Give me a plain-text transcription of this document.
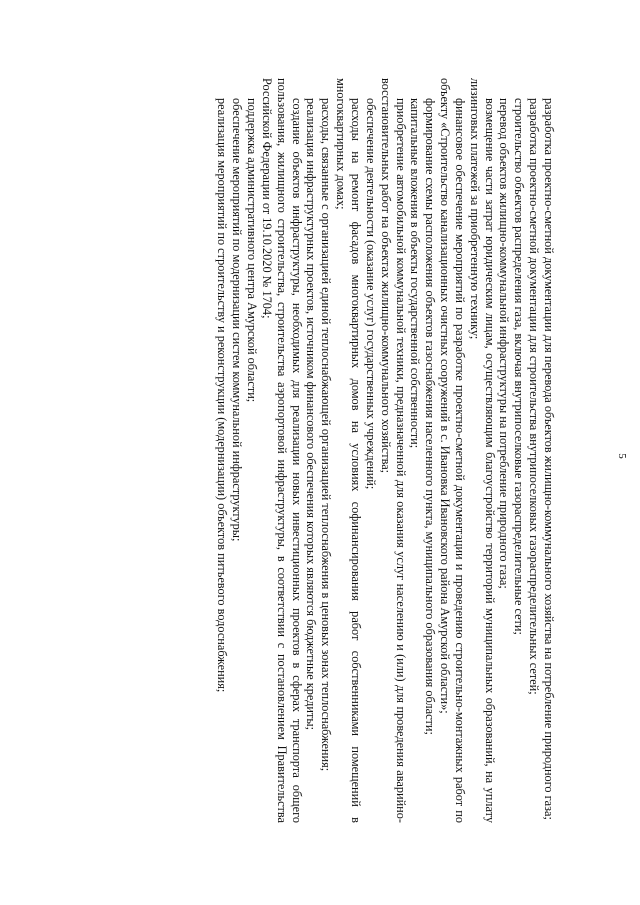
5

разработка проектно-сметной документации для перевода объектов жилищно-коммунального хозяйства на потребление природного газа;

разработка проектно-сметной документации для строительства внутрипоселковых газораспределительных сетей;

строительство объектов распределения газа, включая внутрипоселковые газораспределительные сети;

перевод объектов жилищно-коммунальной инфраструктуры на потребление природного газа;

возмещение части затрат юридическим лицам, осуществляющим благоустройство территорий муниципальных образований, на уплату лизинговых платежей за приобретенную технику;

финансовое обеспечение мероприятий по разработке проектно-сметной документации и проведению строительно-монтажных работ по объекту «Строительство канализационных очистных сооружений в с. Ивановка Ивановского района Амурской области»;

формирование схемы расположения объектов газоснабжения населенного пункта, муниципального образования области;

капитальные вложения в объекты государственной собственности;

приобретение автомобильной коммунальной техники, предназначенной для оказания услуг населению и (или) для проведения аварийно-восстановительных работ на объектах жилищно-коммунального хозяйства;

обеспечение деятельности (оказание услуг) государственных учреждений;

расходы на ремонт фасадов многоквартирных домов на условиях софинансирования работ собственниками помещений в многоквартирных домах;

расходы, связанные с организацией единой теплоснабжающей организацией теплоснабжения в ценовых зонах теплоснабжения;

реализация инфраструктурных проектов, источником финансового обеспечения которых являются бюджетные кредиты;

создание объектов инфраструктуры, необходимых для реализации новых инвестиционных проектов в сферах транспорта общего пользования, жилищного строительства, строительства аэропортовой инфраструктуры, в соответствии с постановлением Правительства Российской Федерации от 19.10.2020 № 1704;

поддержка административного центра Амурской области;

обеспечение мероприятий по модернизации систем коммунальной инфраструктуры;

реализация мероприятий по строительству и реконструкции (модернизации) объектов питьевого водоснабжения;
